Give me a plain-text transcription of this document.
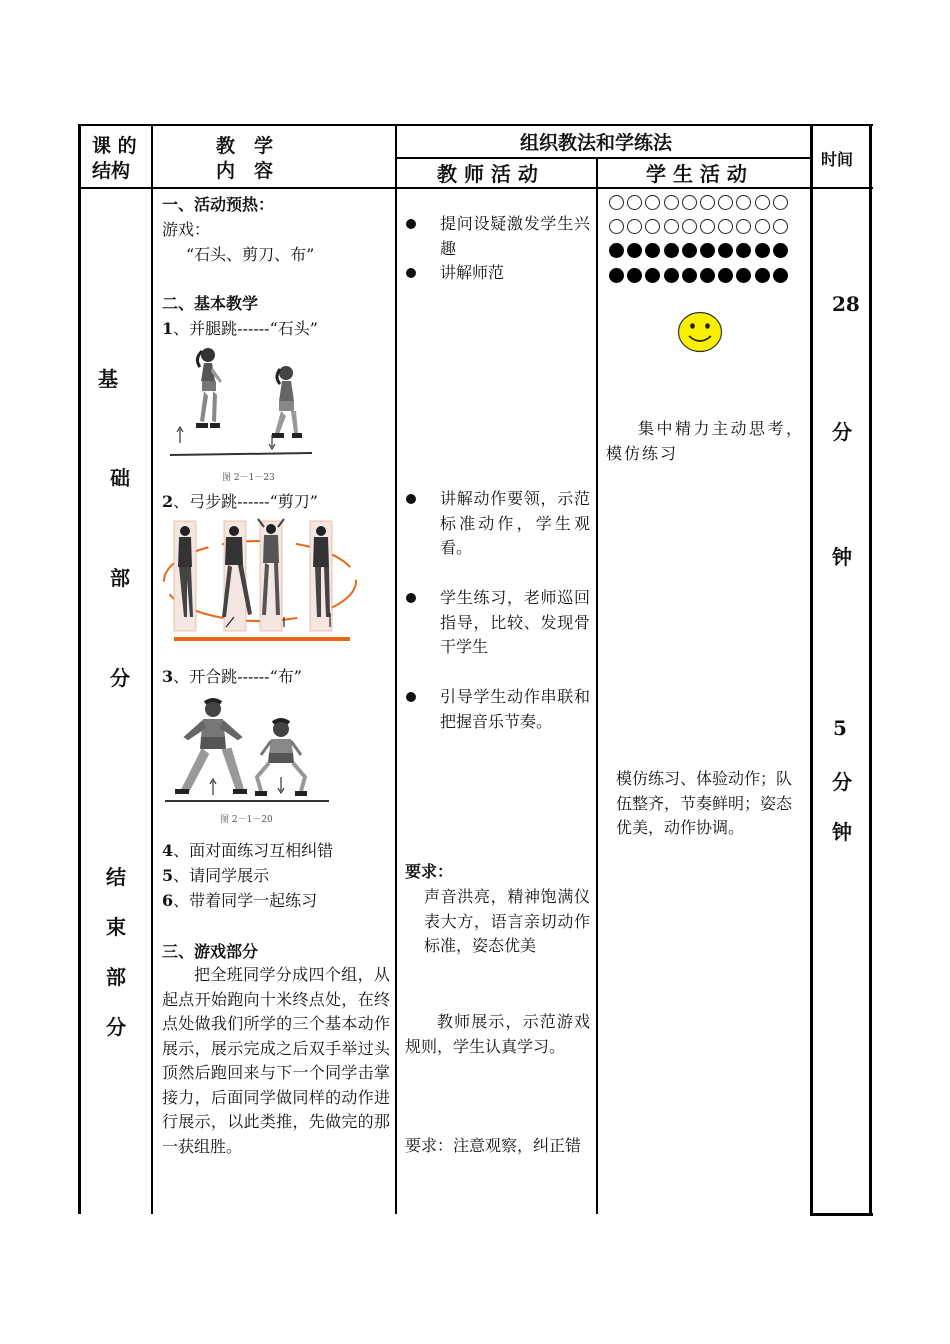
课 的
结构
教　学
内　容
组织教法和学练法
教 师 活 动	学 生 活 动
时间
基
础
部
分
结
束
部
分
一、活动预热：
游戏：
“石头、剪刀、布”
二、基本教学
1、并腿跳------“石头”
图 2－1－23
2、弓步跳------“剪刀”
3、开合跳------“布”
图 2－1－20
4、面对面练习互相纠错
5、请同学展示
6、带着同学一起练习
三、游戏部分
把全班同学分成四个组，从起点开始跑向十米终点处，在终点处做我们所学的三个基本动作展示，展示完成之后双手举过头顶然后跑回来与下一个同学击掌接力，后面同学做同样的动作进行展示，以此类推，先做完的那一获组胜。
提问设疑激发学生兴趣
讲解师范
讲解动作要领，示范标准动作，学生观看。
学生练习，老师巡回指导，比较、发现骨干学生
引导学生动作串联和把握音乐节奏。
要求：
声音洪亮，精神饱满仪表大方，语言亲切动作标准，姿态优美
教师展示，示范游戏规则，学生认真学习。
要求：注意观察，纠正错
集中精力主动思考，模仿练习
模仿练习、体验动作；队伍整齐，节奏鲜明；姿态优美，动作协调。
28
分
钟
5
分
钟
